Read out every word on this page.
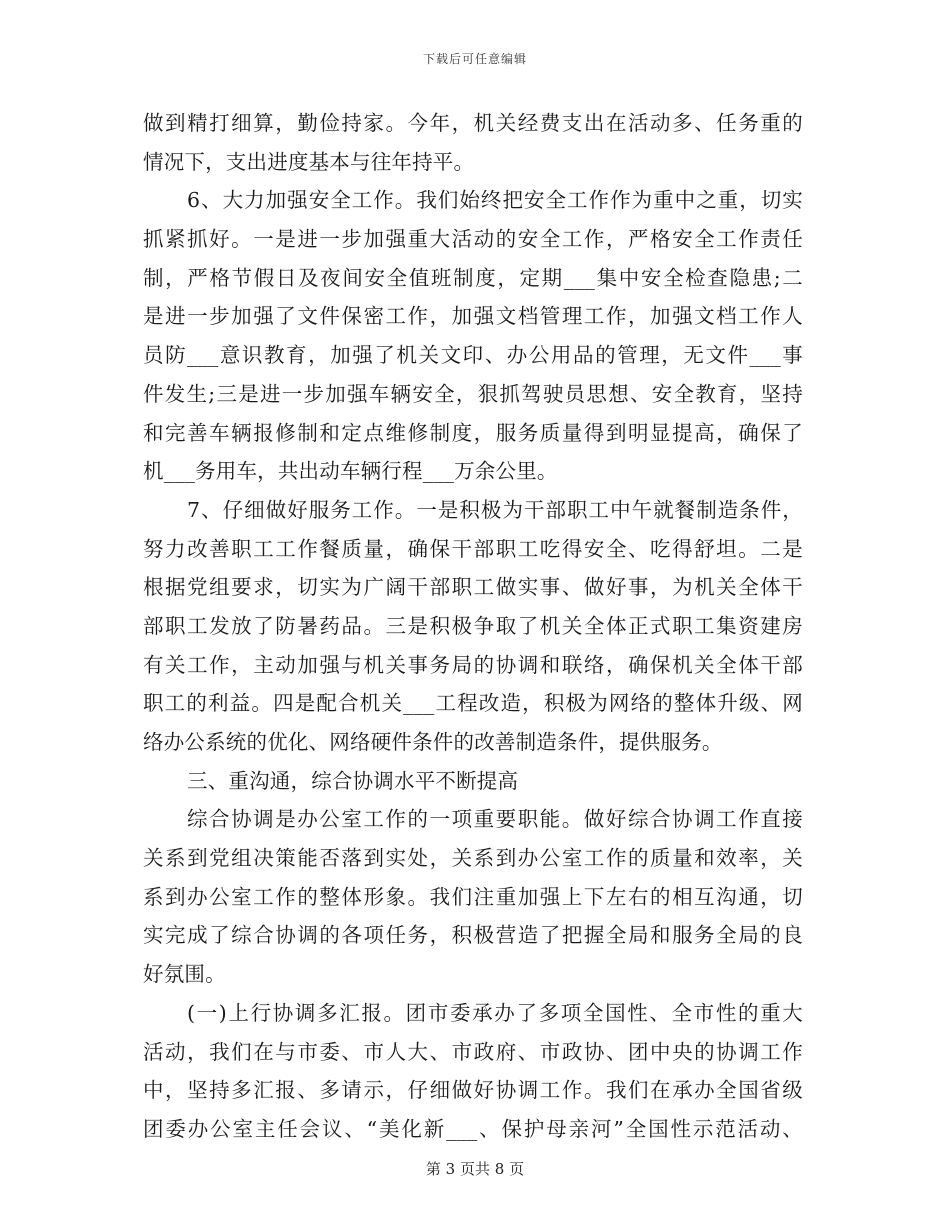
下载后可任意编辑
做到精打细算，勤俭持家。今年，机关经费支出在活动多、任务重的
情况下，支出进度基本与往年持平。
6、大力加强安全工作。我们始终把安全工作作为重中之重，切实
抓紧抓好。一是进一步加强重大活动的安全工作，严格安全工作责任
制，严格节假日及夜间安全值班制度，定期___集中安全检查隐患;二
是进一步加强了文件保密工作，加强文档管理工作，加强文档工作人
员防___意识教育，加强了机关文印、办公用品的管理，无文件___事
件发生;三是进一步加强车辆安全，狠抓驾驶员思想、安全教育，坚持
和完善车辆报修制和定点维修制度，服务质量得到明显提高，确保了
机___务用车，共出动车辆行程___万余公里。
7、仔细做好服务工作。一是积极为干部职工中午就餐制造条件，
努力改善职工工作餐质量，确保干部职工吃得安全、吃得舒坦。二是
根据党组要求，切实为广阔干部职工做实事、做好事，为机关全体干
部职工发放了防暑药品。三是积极争取了机关全体正式职工集资建房
有关工作，主动加强与机关事务局的协调和联络，确保机关全体干部
职工的利益。四是配合机关___工程改造，积极为网络的整体升级、网
络办公系统的优化、网络硬件条件的改善制造条件，提供服务。
三、重沟通，综合协调水平不断提高
综合协调是办公室工作的一项重要职能。做好综合协调工作直接
关系到党组决策能否落到实处，关系到办公室工作的质量和效率，关
系到办公室工作的整体形象。我们注重加强上下左右的相互沟通，切
实完成了综合协调的各项任务，积极营造了把握全局和服务全局的良
好氛围。
(一)上行协调多汇报。团市委承办了多项全国性、全市性的重大
活动，我们在与市委、市人大、市政府、市政协、团中央的协调工作
中，坚持多汇报、多请示，仔细做好协调工作。我们在承办全国省级
团委办公室主任会议、“美化新___、保护母亲河”全国性示范活动、
第 3 页共 8 页
